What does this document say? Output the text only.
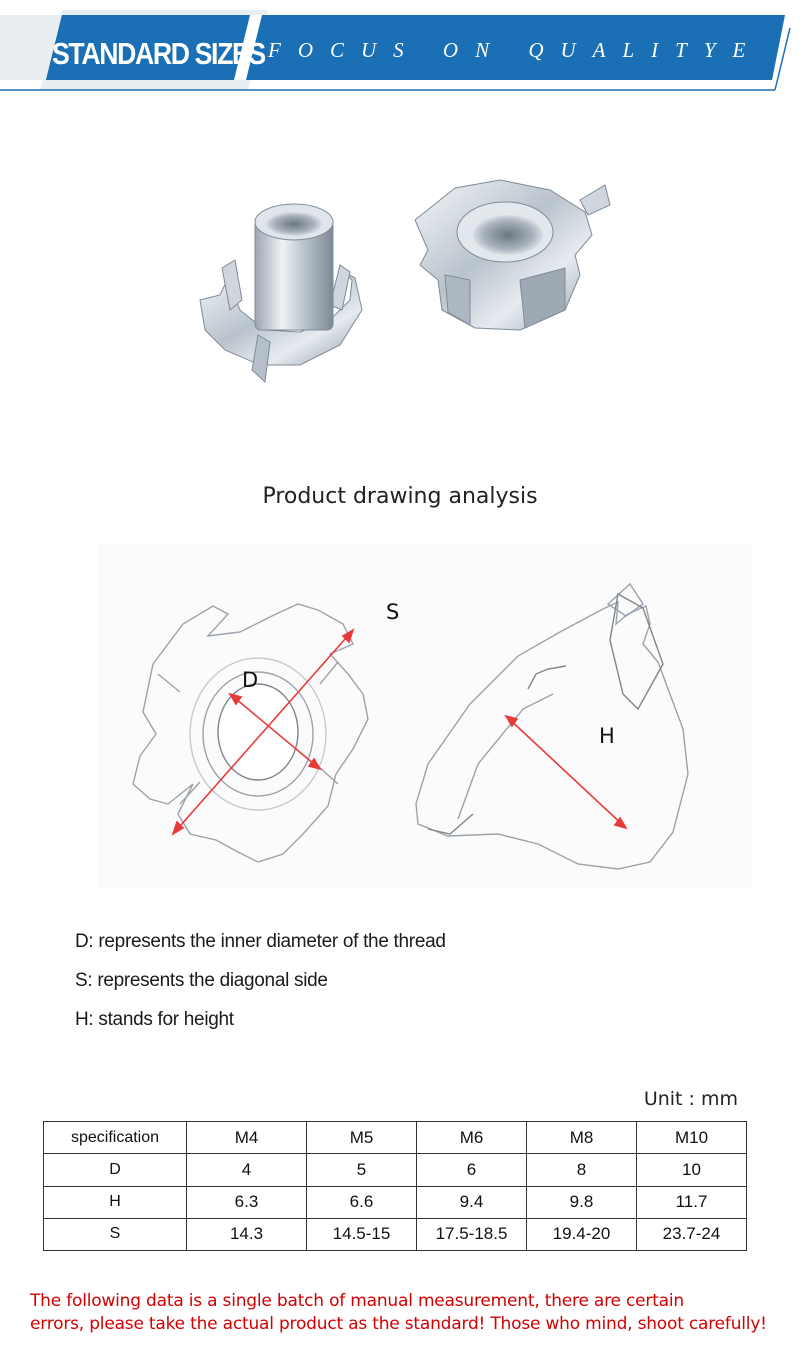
STANDARD SIZES FOCUS ON QUALITYE
Product drawing analysis
S
D
H
D: represents the inner diameter of the thread
S: represents the diagonal side
H: stands for height
Unit : mm
specification	M4	M5	M6	M8	M10
D	4	5	6	8	10
H	6.3	6.6	9.4	9.8	11.7
S	14.3	14.5-15	17.5-18.5	19.4-20	23.7-24
The following data is a single batch of manual measurement, there are certain
errors, please take the actual product as the standard! Those who mind, shoot carefully!
